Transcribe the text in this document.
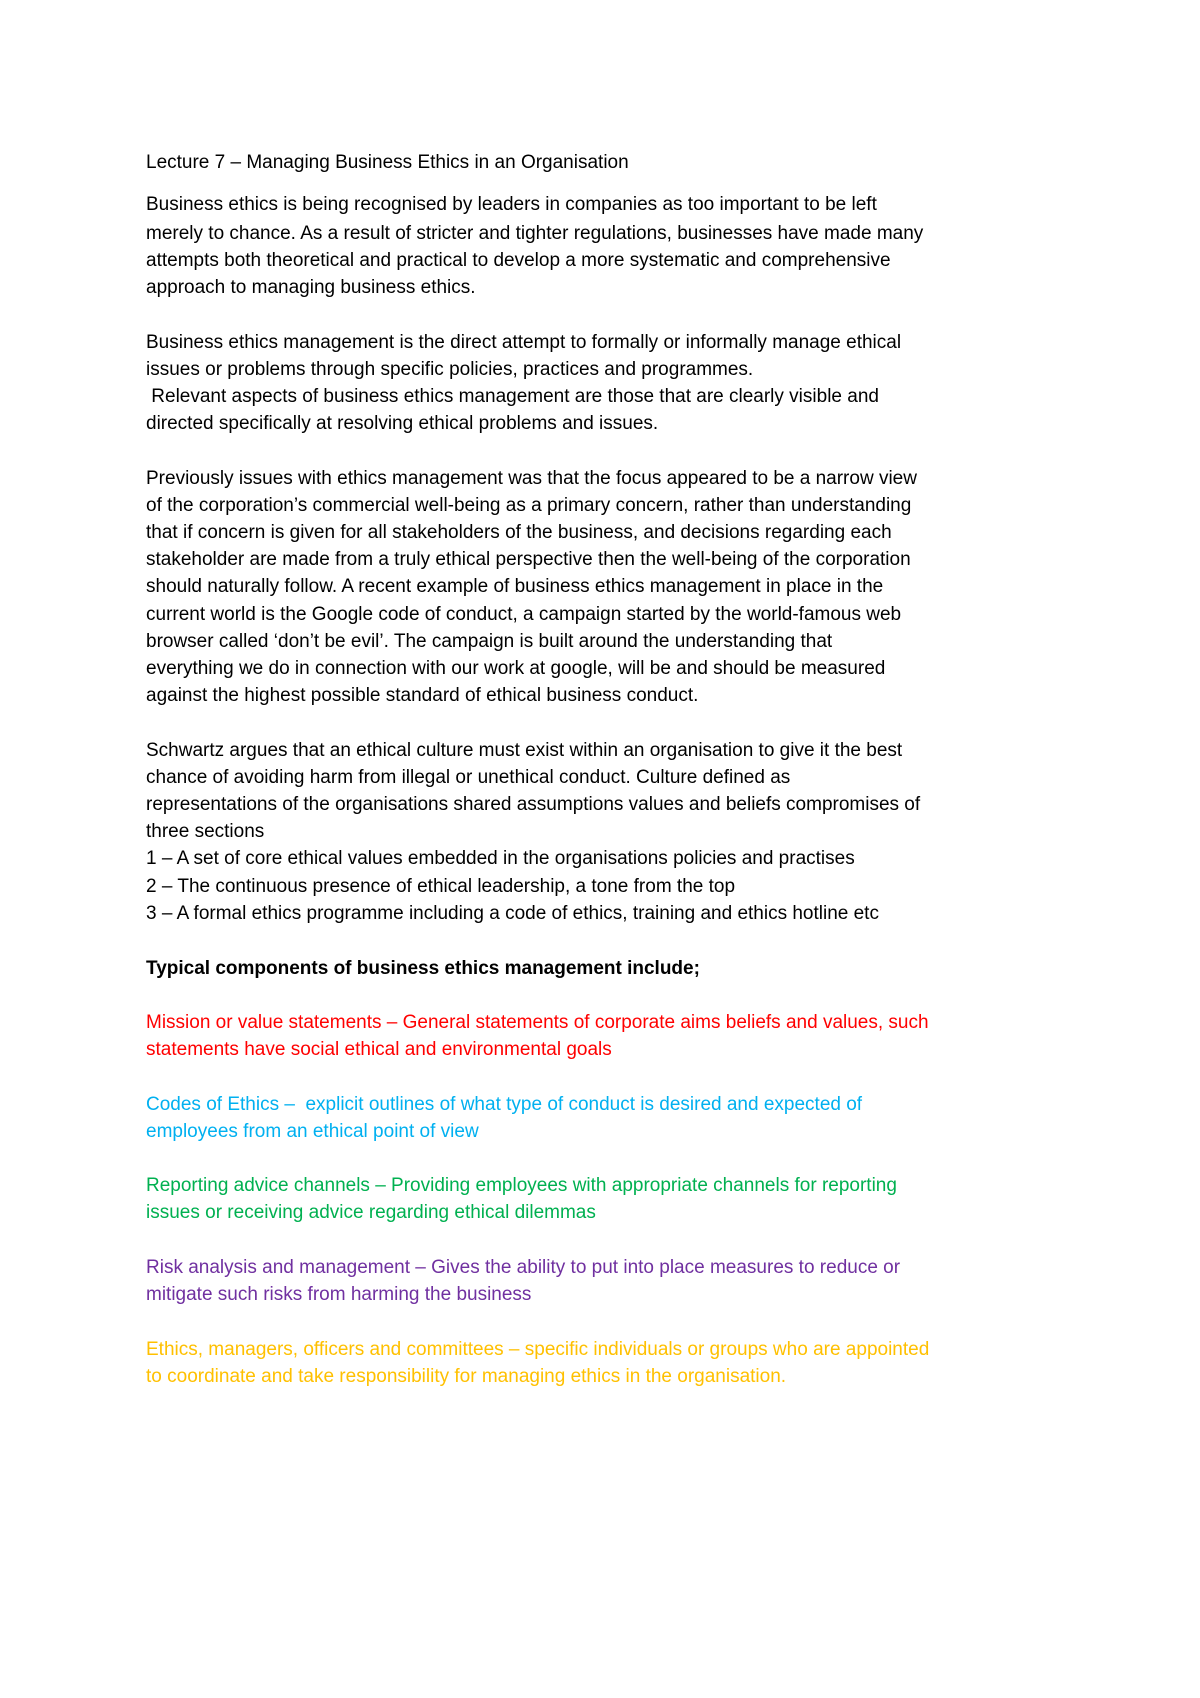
Lecture 7 – Managing Business Ethics in an Organisation
Business ethics is being recognised by leaders in companies as too important to be left
merely to chance. As a result of stricter and tighter regulations, businesses have made many
attempts both theoretical and practical to develop a more systematic and comprehensive
approach to managing business ethics.
Business ethics management is the direct attempt to formally or informally manage ethical
issues or problems through specific policies, practices and programmes.
Relevant aspects of business ethics management are those that are clearly visible and
directed specifically at resolving ethical problems and issues.
Previously issues with ethics management was that the focus appeared to be a narrow view
of the corporation’s commercial well-being as a primary concern, rather than understanding
that if concern is given for all stakeholders of the business, and decisions regarding each
stakeholder are made from a truly ethical perspective then the well-being of the corporation
should naturally follow. A recent example of business ethics management in place in the
current world is the Google code of conduct, a campaign started by the world-famous web
browser called ‘don’t be evil’. The campaign is built around the understanding that
everything we do in connection with our work at google, will be and should be measured
against the highest possible standard of ethical business conduct.
Schwartz argues that an ethical culture must exist within an organisation to give it the best
chance of avoiding harm from illegal or unethical conduct. Culture defined as
representations of the organisations shared assumptions values and beliefs compromises of
three sections
1 – A set of core ethical values embedded in the organisations policies and practises
2 – The continuous presence of ethical leadership, a tone from the top
3 – A formal ethics programme including a code of ethics, training and ethics hotline etc
Typical components of business ethics management include;
Mission or value statements – General statements of corporate aims beliefs and values, such
statements have social ethical and environmental goals
Codes of Ethics –  explicit outlines of what type of conduct is desired and expected of
employees from an ethical point of view
Reporting advice channels – Providing employees with appropriate channels for reporting
issues or receiving advice regarding ethical dilemmas
Risk analysis and management – Gives the ability to put into place measures to reduce or
mitigate such risks from harming the business
Ethics, managers, officers and committees – specific individuals or groups who are appointed
to coordinate and take responsibility for managing ethics in the organisation.
